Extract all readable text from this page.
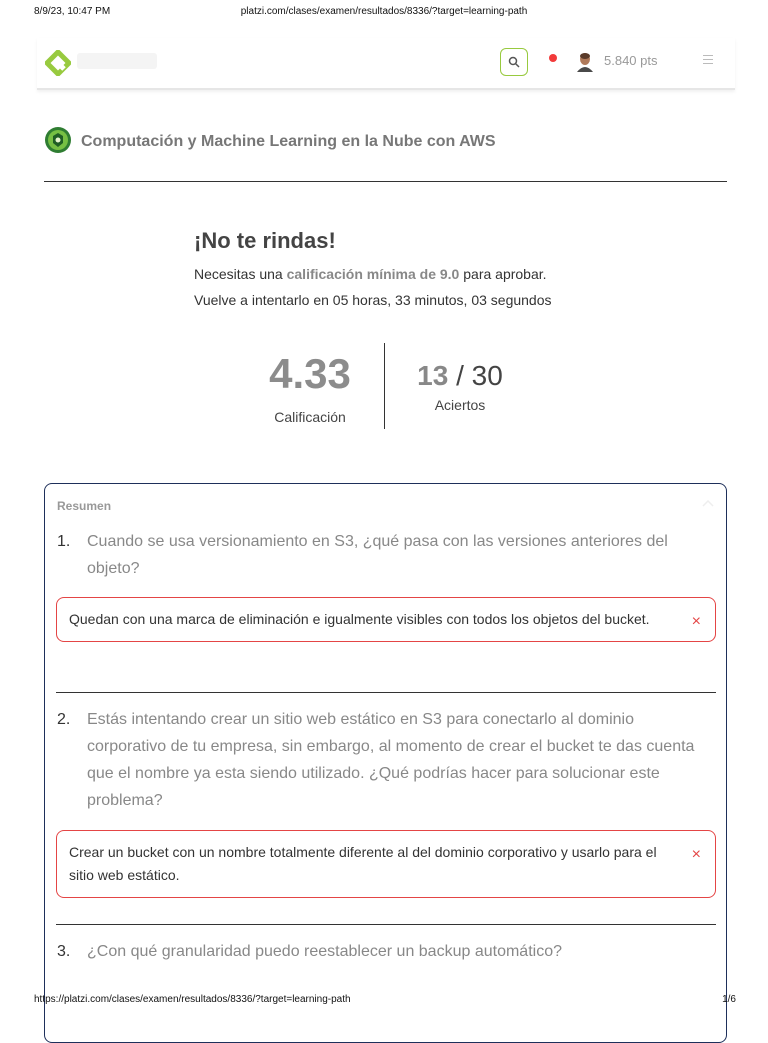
8/9/23, 10:47 PM	platzi.com/clases/examen/resultados/8336/?target=learning-path
5.840 pts
Computación y Machine Learning en la Nube con AWS
¡No te rindas!
Necesitas una calificación mínima de 9.0 para aprobar.
Vuelve a intentarlo en 05 horas, 33 minutos, 03 segundos
4.33
Calificación
13 / 30
Aciertos
Resumen
1. Cuando se usa versionamiento en S3, ¿qué pasa con las versiones anteriores del objeto?
Quedan con una marca de eliminación e igualmente visibles con todos los objetos del bucket.	×
2. Estás intentando crear un sitio web estático en S3 para conectarlo al dominio corporativo de tu empresa, sin embargo, al momento de crear el bucket te das cuenta que el nombre ya esta siendo utilizado. ¿Qué podrías hacer para solucionar este problema?
Crear un bucket con un nombre totalmente diferente al del dominio corporativo y usarlo para el sitio web estático.
×
3. ¿Con qué granularidad puedo reestablecer un backup automático?
https://platzi.com/clases/examen/resultados/8336/?target=learning-path	1/6
